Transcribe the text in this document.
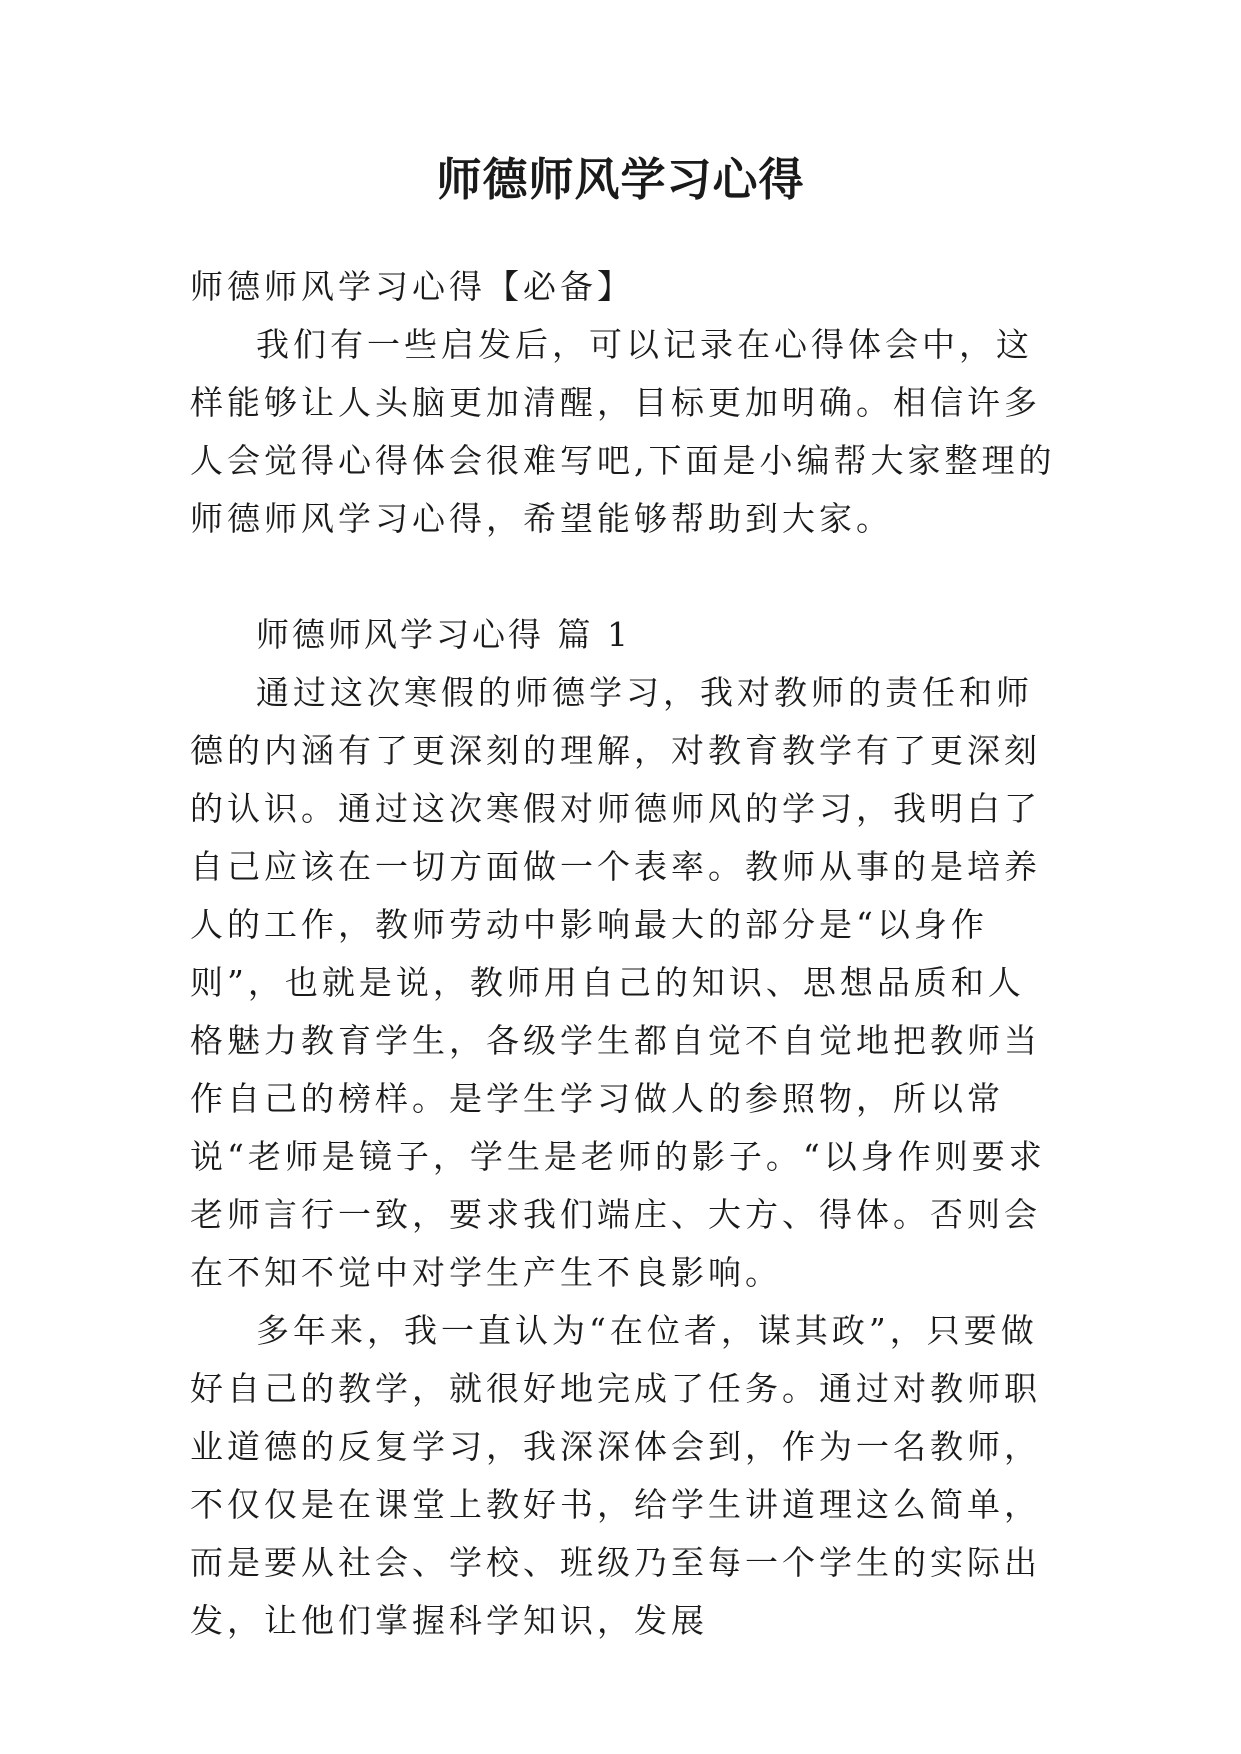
师德师风学习心得

师德师风学习心得【必备】

我们有一些启发后，可以记录在心得体会中，这样能够让人头脑更加清醒，目标更加明确。相信许多人会觉得心得体会很难写吧,下面是小编帮大家整理的师德师风学习心得，希望能够帮助到大家。

师德师风学习心得 篇 1

通过这次寒假的师德学习，我对教师的责任和师德的内涵有了更深刻的理解，对教育教学有了更深刻的认识。通过这次寒假对师德师风的学习，我明白了自己应该在一切方面做一个表率。教师从事的是培养人的工作，教师劳动中影响最大的部分是“以身作则”，也就是说，教师用自己的知识、思想品质和人格魅力教育学生，各级学生都自觉不自觉地把教师当作自己的榜样。是学生学习做人的参照物，所以常说“老师是镜子，学生是老师的影子。“以身作则要求老师言行一致，要求我们端庄、大方、得体。否则会在不知不觉中对学生产生不良影响。

多年来，我一直认为“在位者，谋其政”，只要做好自己的教学，就很好地完成了任务。通过对教师职业道德的反复学习，我深深体会到，作为一名教师，不仅仅是在课堂上教好书，给学生讲道理这么简单，而是要从社会、学校、班级乃至每一个学生的实际出发，让他们掌握科学知识，发展
